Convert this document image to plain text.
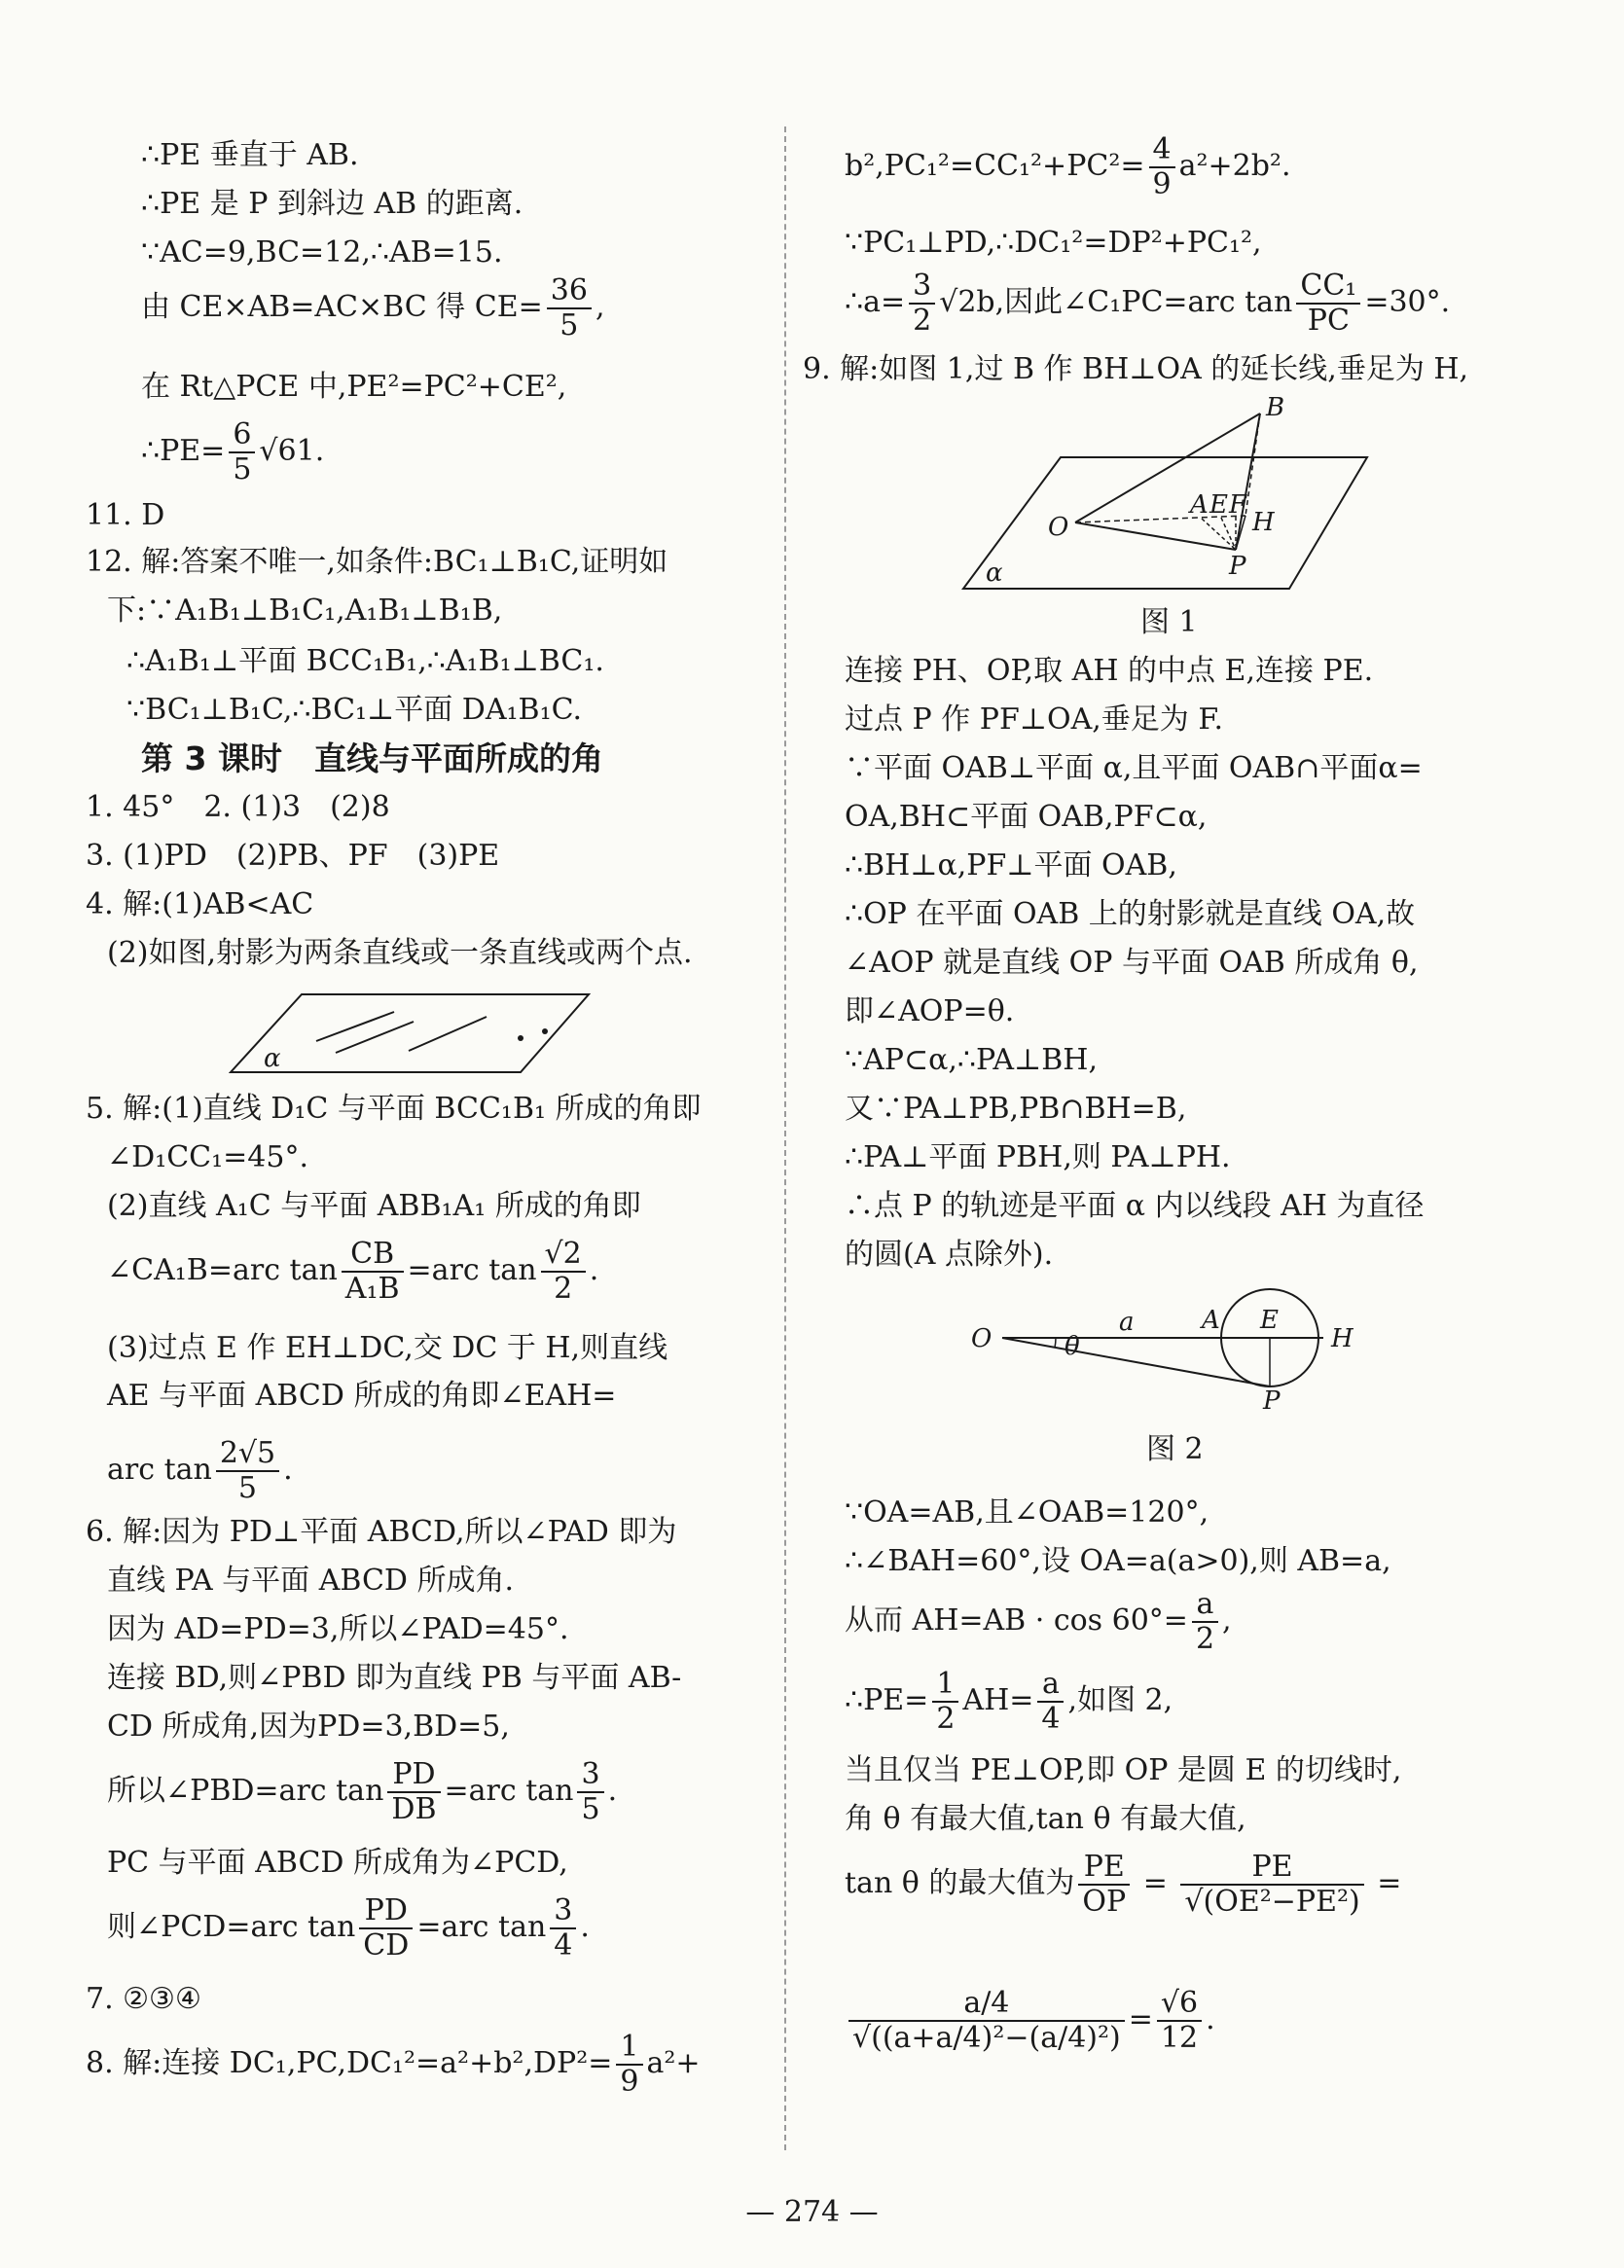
α
B
O
A E F
H
P
α
图 1
O
a
θ
A E
H
P
图 2
— 274 —
∴PE 垂直于 AB.
∴PE 是 P 到斜边 AB 的距离.
∵AC=9,BC=12,∴AB=15.
由 CE×AB=AC×BC 得 $CE= \frac{36}{5}$ ,
在 Rt△PCE 中,PE²=PC²+CE²,
∴PE= $\frac{6}{5} √61$.
11. D
12. 解:答案不唯一,如条件:BC₁⊥B₁C,证明如
下:∵A₁B₁⊥B₁C₁,A₁B₁⊥B₁B,
∴A₁B₁⊥平面 BCC₁B₁,∴A₁B₁⊥BC₁.
∵BC₁⊥B₁C,∴BC₁⊥平面 DA₁B₁C.
第 3 课时　直线与平面所成的角
1. 45°　2. (1)3　(2)8
3. (1)PD　(2)PB、PF　(3)PE
4. 解:(1)AB<AC
(2)如图,射影为两条直线或一条直线或两个点.
5. 解:(1)直线 D₁C 与平面 BCC₁B₁ 所成的角即
∠D₁CC₁=45°.
(2)直线 A₁C 与平面 ABB₁A₁ 所成的角即
∠CA₁B=arc $\tan \frac{CB}{\text{A₁B}} =arc$ $\tan \frac{√2}{2}$ .
(3)过点 E 作 EH⊥DC,交 DC 于 H,则直线
AE 与平面 ABCD 所成的角即∠EAH=
arc $\tan \frac{2√5}{5}$ .
6. 解:因为 PD⊥平面 ABCD,所以∠PAD 即为
直线 PA 与平面 ABCD 所成角.
因为 AD=PD=3,所以∠PAD=45°.
连接 BD,则∠PBD 即为直线 PB 与平面 AB-
CD 所成角,因为PD=3,BD=5,
所以∠PBD=arc $\tan \frac{PD}{DB} =arc$ $\tan \frac{3}{5}$ .
PC 与平面 ABCD 所成角为∠PCD,
则∠PCD=arc $\tan \frac{PD}{CD} =arc$ $\tan \frac{3}{4}$ .
7. ②③④
8. 解:连接 $DC_1,PC,DC_1^2=a^2+b^2,DP^2= \frac{1}{9} a^2+$
$b^2,PC_1^2=CC_1^2+PC^2= \frac{4}{9} a^2+2b^2$.
∵PC₁⊥PD,∴DC₁²=DP²+PC₁²,
∴a= $\frac{3}{2} √2b$,因此∠C₁PC=arc $\tan \frac{\text{CC₁}}{PC} =30^\circ$.
9. 解:如图 1,过 B 作 BH⊥OA 的延长线,垂足为 H,
连接 PH、OP,取 AH 的中点 E,连接 PE.
过点 P 作 PF⊥OA,垂足为 F.
∵平面 OAB⊥平面 α,且平面 OAB∩平面α=
OA,BH⊂平面 OAB,PF⊂α,
∴BH⊥α,PF⊥平面 OAB,
∴OP 在平面 OAB 上的射影就是直线 OA,故
∠AOP 就是直线 OP 与平面 OAB 所成角 θ,
即∠AOP=θ.
∵AP⊂α,∴PA⊥BH,
又∵PA⊥PB,PB∩BH=B,
∴PA⊥平面 PBH,则 PA⊥PH.
∴点 P 的轨迹是平面 α 内以线段 AH 为直径
的圆(A 点除外).
∵OA=AB,且∠OAB=120°,
∴∠BAH=60°,设 OA=a(a>0),则 AB=a,
从而 $AH=AB \cdot \cos 60^\circ= \frac{a}{2}$ ,
∴PE= $\frac{1}{2} AH= \frac{a}{4}$ ,如图 2,
当且仅当 PE⊥OP,即 OP 是圆 E 的切线时,
角 θ 有最大值,tan θ 有最大值,
tan θ 的最大值为 $\frac{PE}{OP} = \frac{PE}{\text{√(OE²−PE²)}}$ =
$\frac{a/4}{\text{√((a+a/4)²−(a/4)²)}} = \frac{√6}{12}$ .
